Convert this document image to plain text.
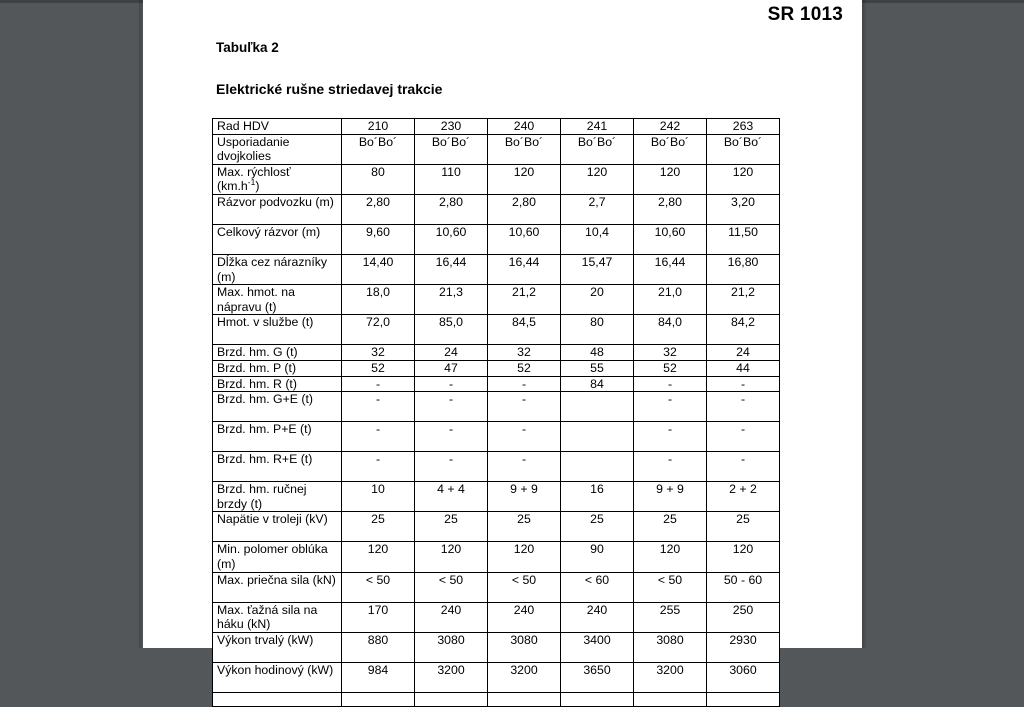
SR 1013
Tabuľka 2
Elektrické rušne striedavej trakcie
Rad HDV	210	230	240	241	242	263
Usporiadanie dvojkolies	Bo´Bo´	Bo´Bo´	Bo´Bo´	Bo´Bo´	Bo´Bo´	Bo´Bo´
Max. rýchlosť
$(km.h^{-1})$	80	110	120	120	120	120
Rázvor podvozku (m)	2,80	2,80	2,80	2,7	2,80	3,20
Celkový rázvor (m)	9,60	10,60	10,60	10,4	10,60	11,50
Dĺžka cez nárazníky (m)	14,40	16,44	16,44	15,47	16,44	16,80
Max. hmot. na nápravu (t)	18,0	21,3	21,2	20	21,0	21,2
Hmot. v službe (t)	72,0	85,0	84,5	80	84,0	84,2
Brzd. hm. G (t)	32	24	32	48	32	24
Brzd. hm. P (t)	52	47	52	55	52	44
Brzd. hm. R (t)	-	-	-	84	-	-
Brzd. hm. G+E (t)	-	-	-		-	-
Brzd. hm. P+E (t)	-	-	-		-	-
Brzd. hm. R+E (t)	-	-	-		-	-
Brzd. hm. ručnej brzdy (t)	10	4 + 4	9 + 9	16	9 + 9	2 + 2
Napätie v troleji (kV)	25	25	25	25	25	25
Min. polomer oblúka (m)	120	120	120	90	120	120
Max. priečna sila (kN)	< 50	< 50	< 50	< 60	< 50	50 - 60
Max. ťažná sila na háku (kN)	170	240	240	240	255	250
Výkon trvalý (kW)	880	3080	3080	3400	3080	2930
Výkon hodinový (kW)	984	3200	3200	3650	3200	3060
